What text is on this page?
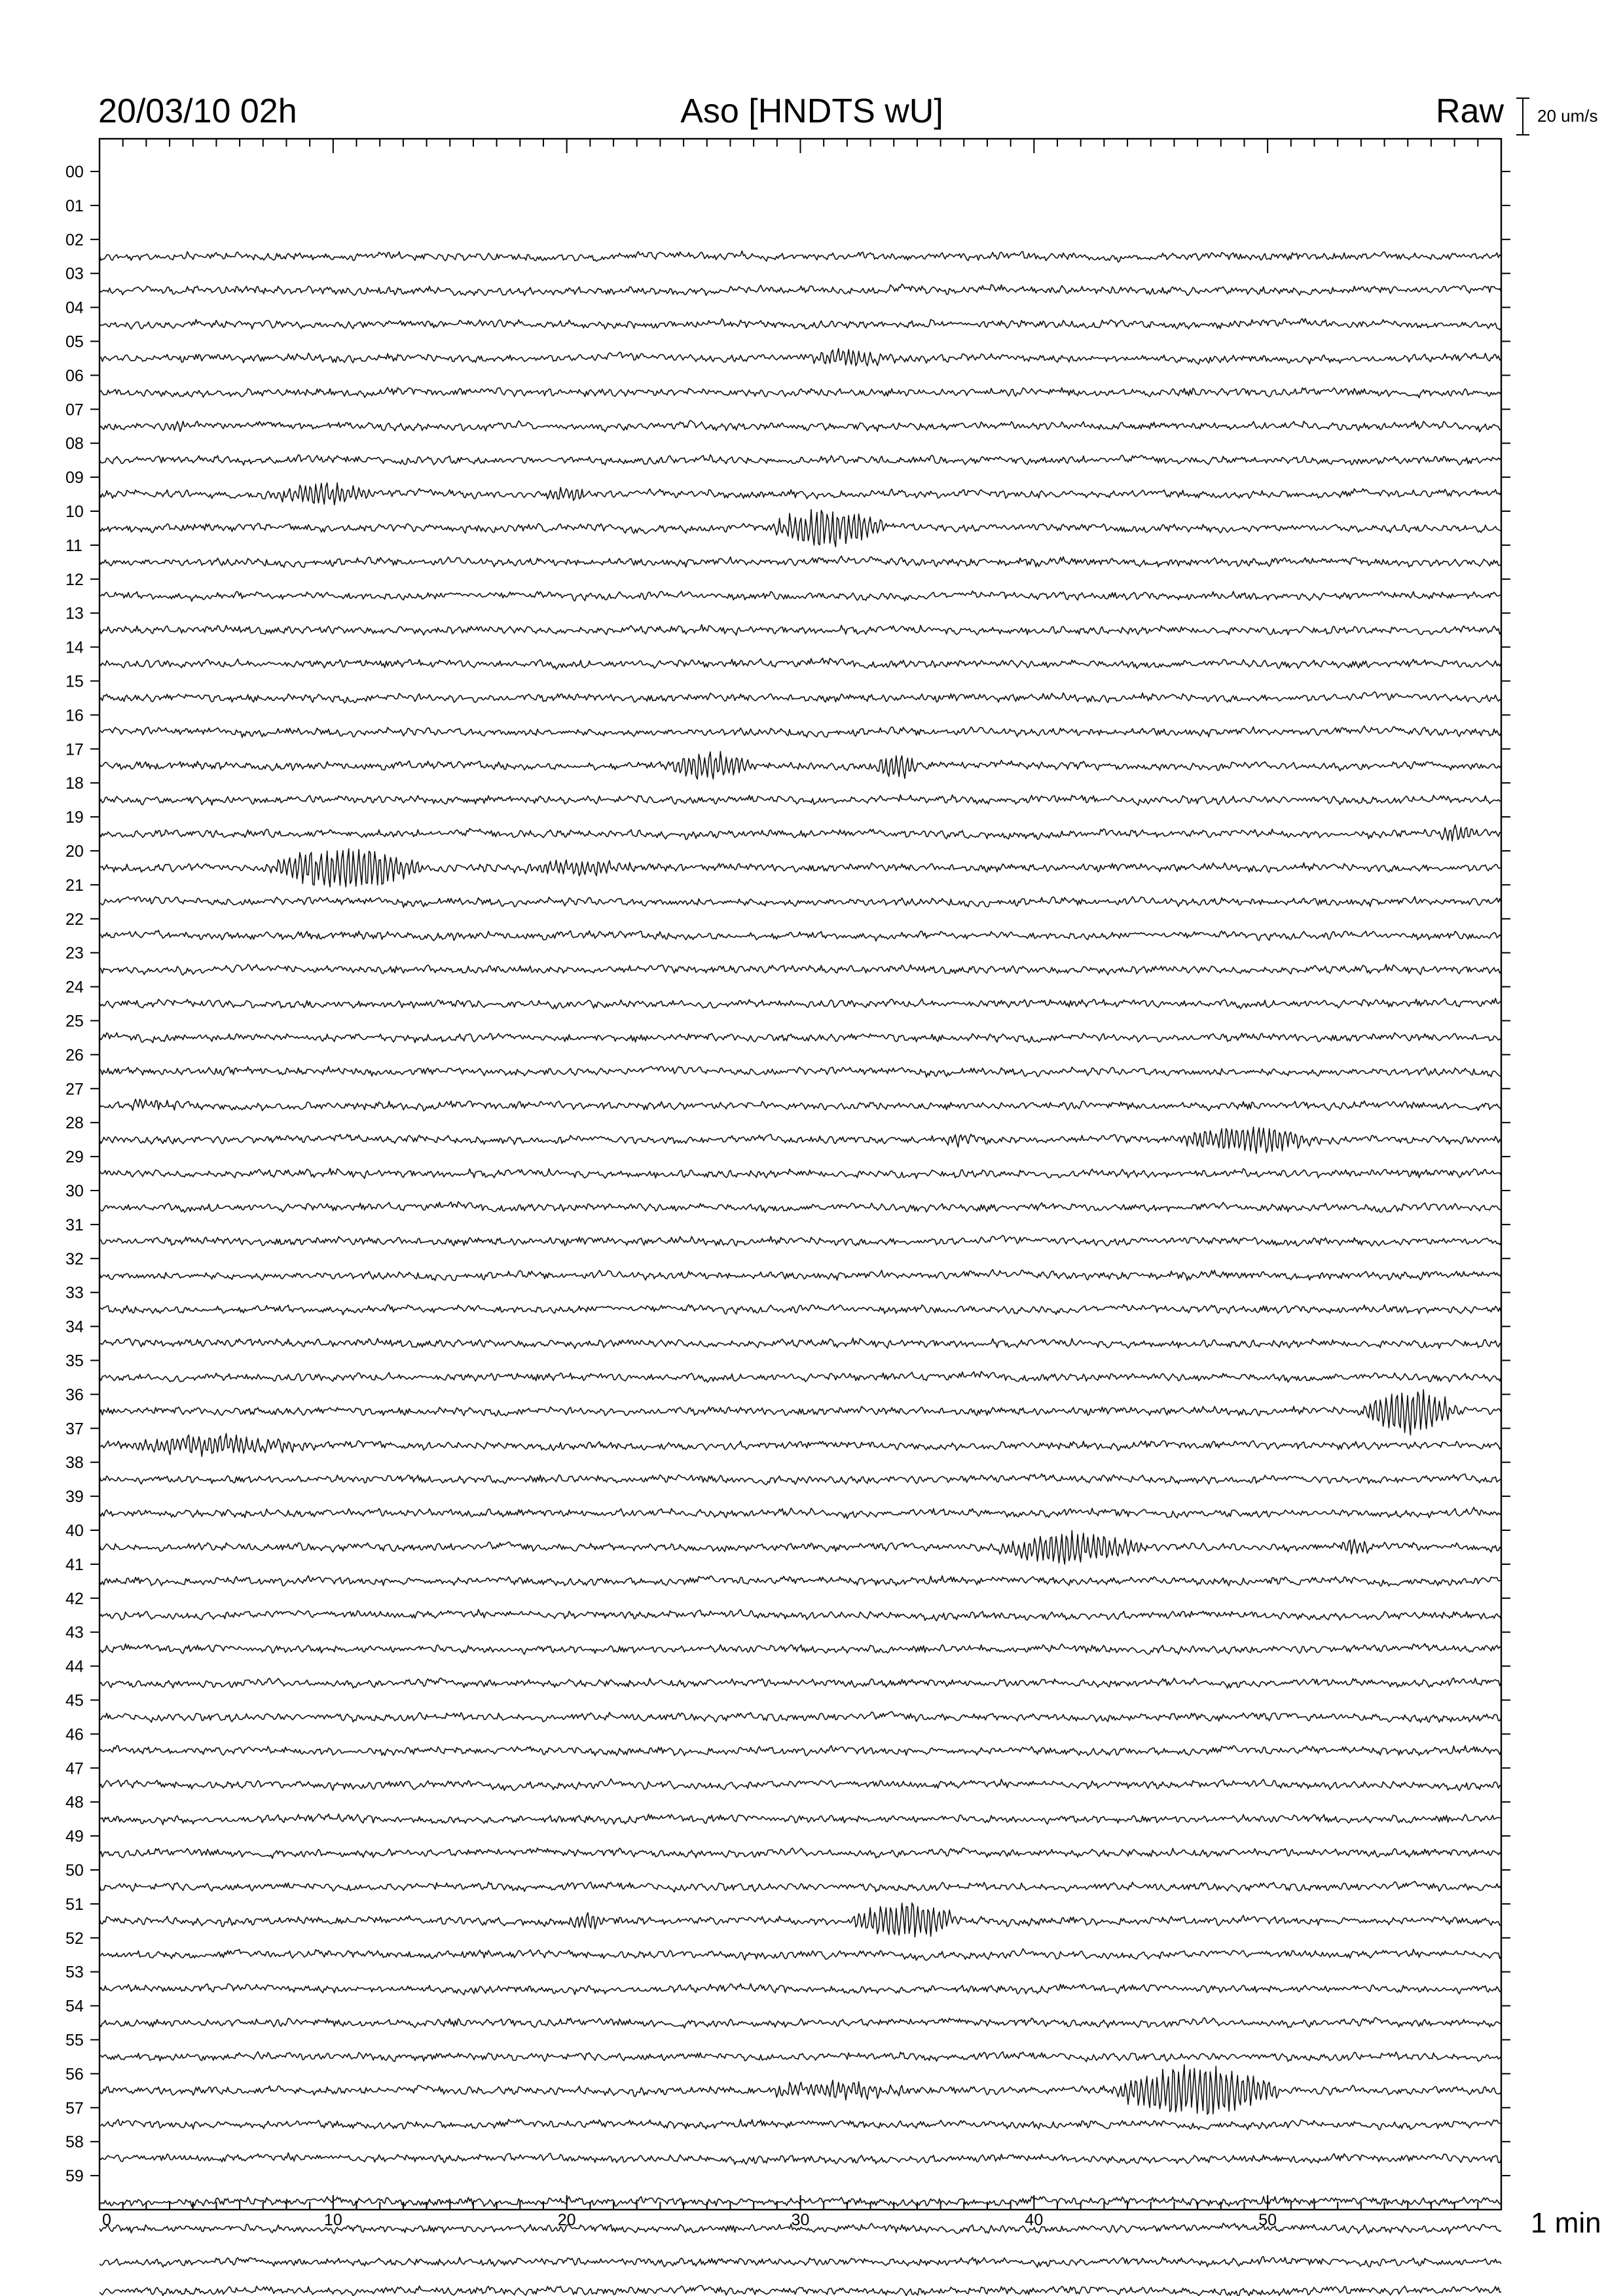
0	10	20	30	40	50
00
01
02
03
04
05
06
07
08
09
10
11
12
13
14
15
16
17
18
19
20
21
22
23
24
25
26
27
28
29
30
31
32
33
34
35
36
37
38
39
40
41
42
43
44
45
46
47
48
49
50
51
52
53
54
55
56
57
58
59
20/03/10 02h	Aso [HNDTS wU]	Raw 20 um/s
1 min
